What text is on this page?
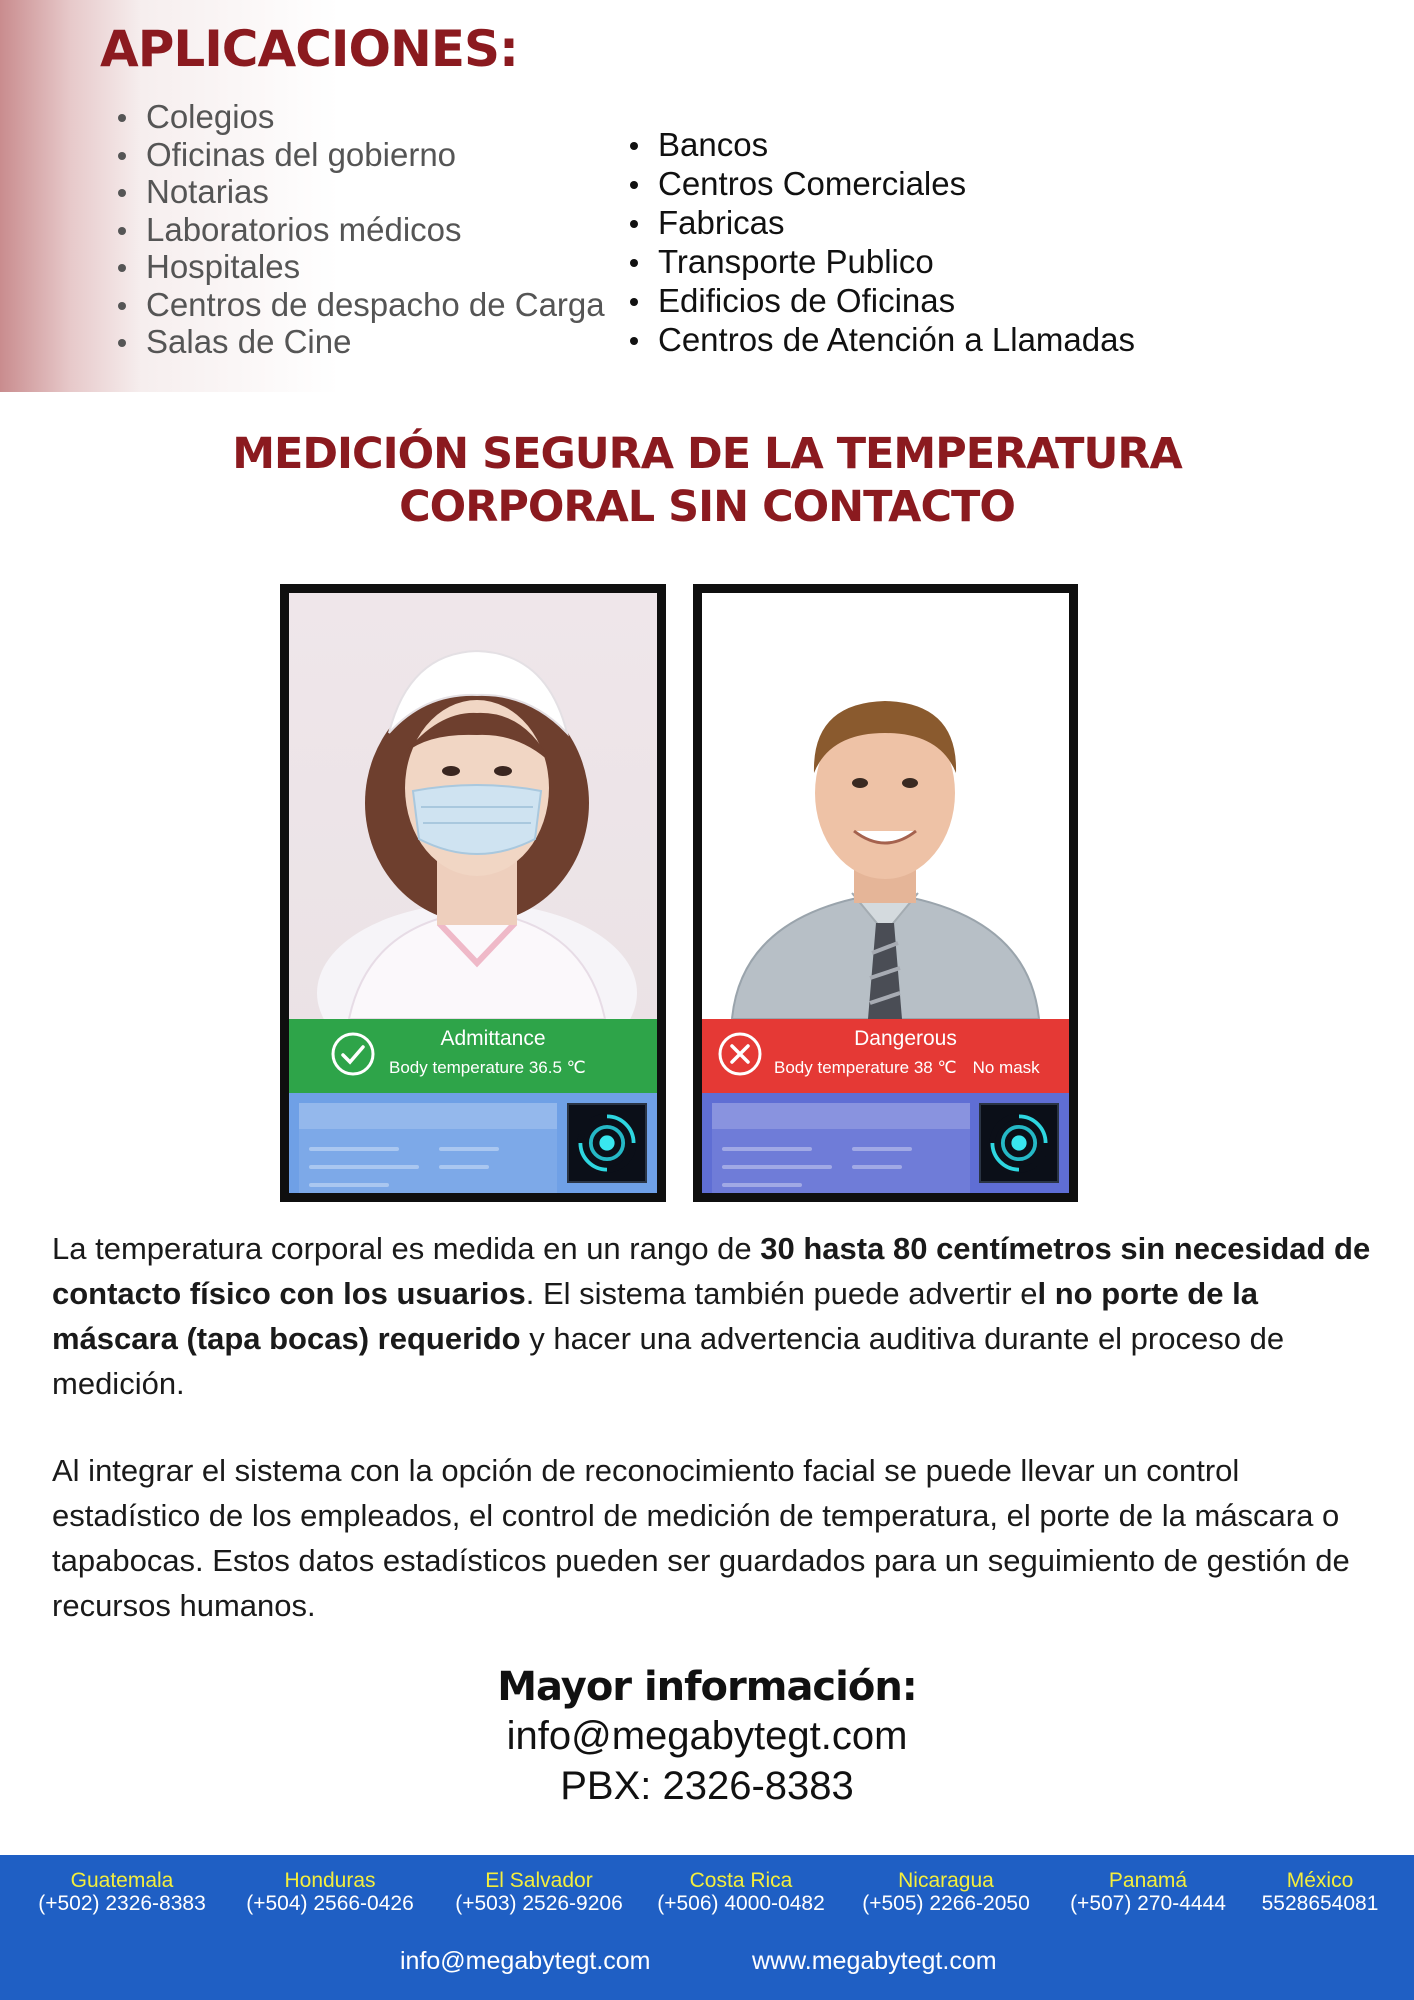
APLICACIONES:
Colegios
Oficinas del gobierno
Notarias
Laboratorios médicos
Hospitales
Centros de despacho de Carga
Salas de Cine
Bancos
Centros Comerciales
Fabricas
Transporte Publico
Edificios de Oficinas
Centros de Atención a Llamadas
MEDICIÓN SEGURA DE LA TEMPERATURA
CORPORAL SIN CONTACTO
Admittance
Body temperature 36.5 ℃
Dangerous
Body temperature 38 ℃ No mask

La temperatura corporal es medida en un rango de 30 hasta 80 centímetros sin necesidad de contacto físico con los usuarios. El sistema también puede advertir el no porte de la máscara (tapa bocas) requerido y hacer una advertencia auditiva durante el proceso de medición.

Al integrar el sistema con la opción de reconocimiento facial se puede llevar un control estadístico de los empleados, el control de medición de temperatura, el porte de la máscara o tapabocas. Estos datos estadísticos pueden ser guardados para un seguimiento de gestión de recursos humanos.

Mayor información:
info@megabytegt.com
PBX: 2326-8383
Guatemala
(+502) 2326-8383
Honduras
(+504) 2566-0426
El Salvador
(+503) 2526-9206
Costa Rica
(+506) 4000-0482
Nicaragua
(+505) 2266-2050
Panamá
(+507) 270-4444
México
5528654081
info@megabytegt.com	www.megabytegt.com
